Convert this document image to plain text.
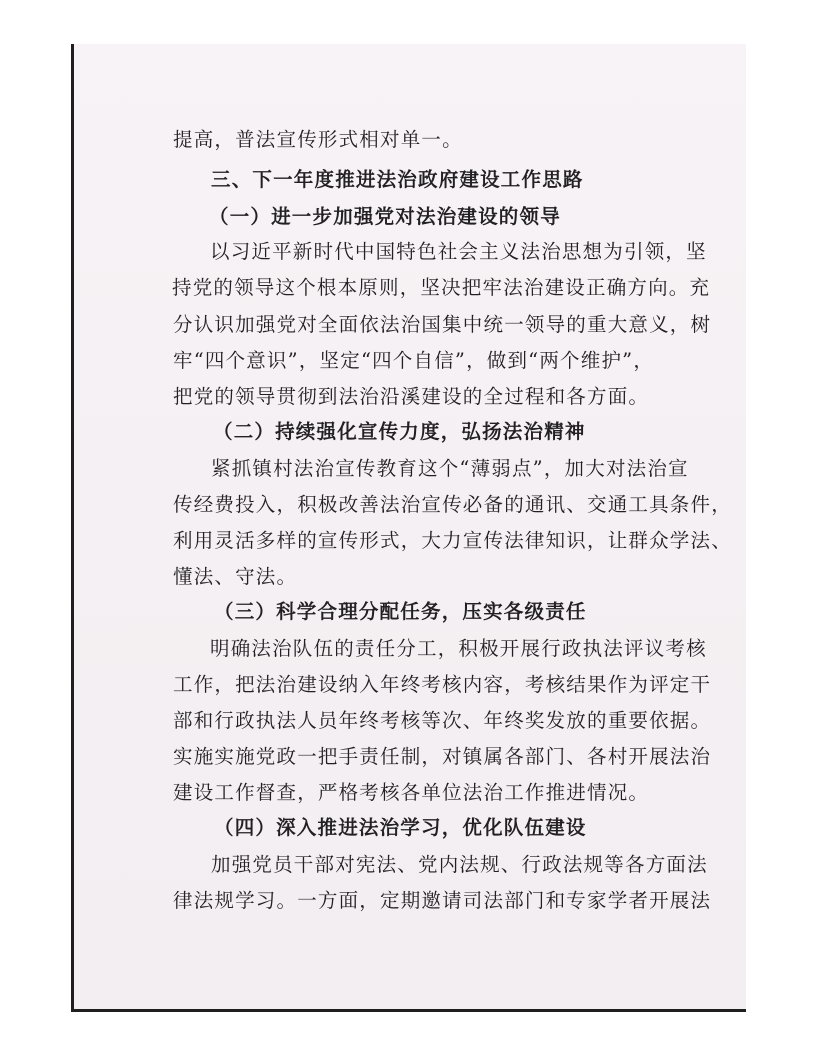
提高，普法宣传形式相对单一。
三、下一年度推进法治政府建设工作思路
（一）进一步加强党对法治建设的领导
以习近平新时代中国特色社会主义法治思想为引领，坚
持党的领导这个根本原则，坚决把牢法治建设正确方向。充
分认识加强党对全面依法治国集中统一领导的重大意义，树
牢“四个意识”，坚定“四个自信”，做到“两个维护”，
把党的领导贯彻到法治沿溪建设的全过程和各方面。
（二）持续强化宣传力度，弘扬法治精神
紧抓镇村法治宣传教育这个“薄弱点”，加大对法治宣
传经费投入，积极改善法治宣传必备的通讯、交通工具条件，
利用灵活多样的宣传形式，大力宣传法律知识，让群众学法、
懂法、守法。
（三）科学合理分配任务，压实各级责任
明确法治队伍的责任分工，积极开展行政执法评议考核
工作，把法治建设纳入年终考核内容，考核结果作为评定干
部和行政执法人员年终考核等次、年终奖发放的重要依据。
实施实施党政一把手责任制，对镇属各部门、各村开展法治
建设工作督查，严格考核各单位法治工作推进情况。
（四）深入推进法治学习，优化队伍建设
加强党员干部对宪法、党内法规、行政法规等各方面法
律法规学习。一方面，定期邀请司法部门和专家学者开展法
